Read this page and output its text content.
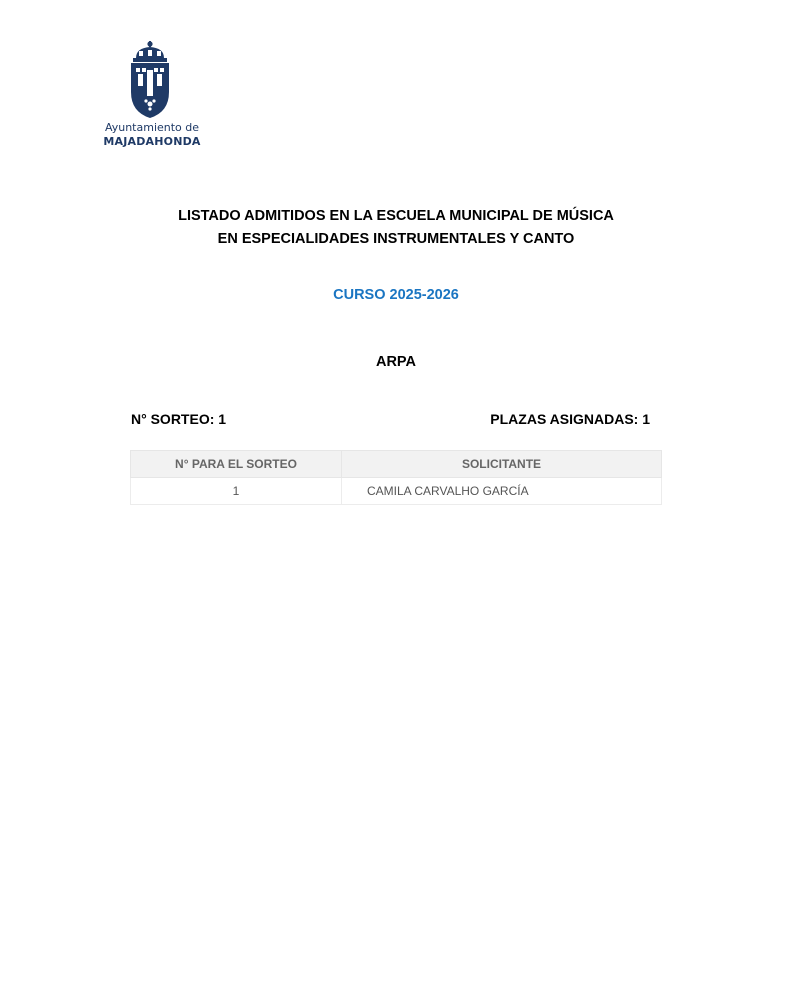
Ayuntamiento de
MAJADAHONDA
LISTADO ADMITIDOS EN LA ESCUELA MUNICIPAL DE MÚSICA
EN ESPECIALIDADES INSTRUMENTALES Y CANTO
CURSO 2025-2026
ARPA
N° SORTEO: 1	PLAZAS ASIGNADAS: 1
N° PARA EL SORTEO	SOLICITANTE
1	CAMILA CARVALHO GARCÍA
